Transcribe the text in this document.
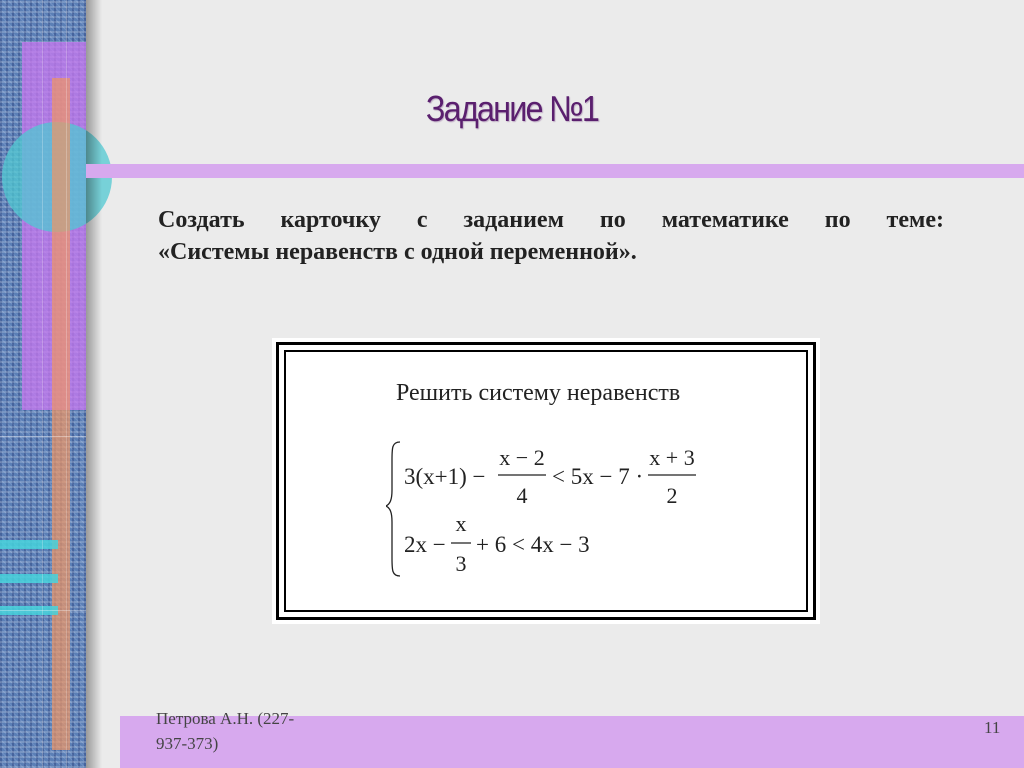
Задание №1
Создать карточку с заданием по математике по теме:
«Системы неравенств с одной переменной».
Решить систему неравенств
3(x+1) −
x − 2
4
< 5x − 7 ·
x + 3
2
2x −
x
3
+ 6 < 4x − 3
Петрова А.Н. (227-
937-373)
11
